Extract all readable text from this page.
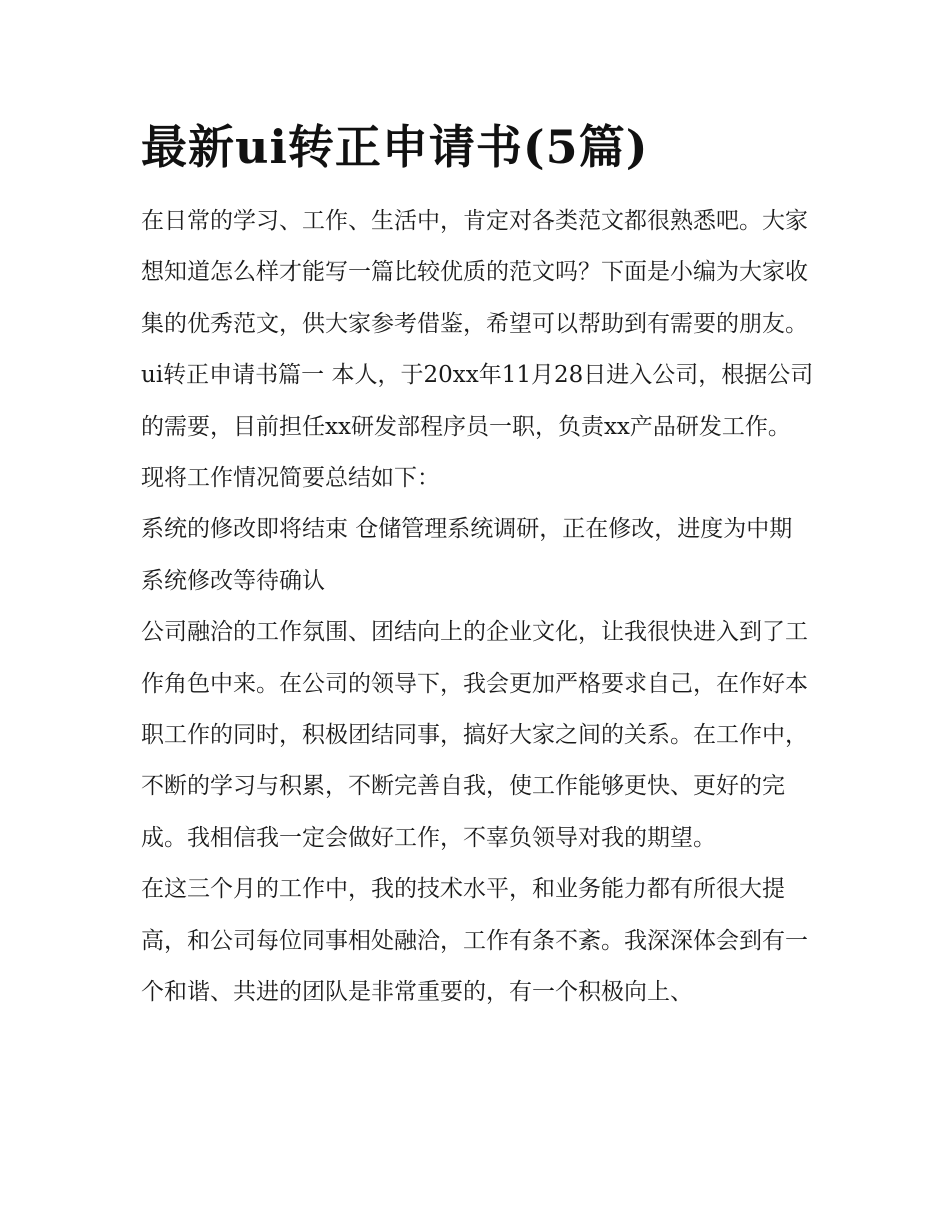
最新ui转正申请书(5篇)

在日常的学习、工作、生活中，肯定对各类范文都很熟悉吧。大家想知道怎么样才能写一篇比较优质的范文吗？下面是小编为大家收集的优秀范文，供大家参考借鉴，希望可以帮助到有需要的朋友。

ui转正申请书篇一 本人，于20xx年11月28日进入公司，根据公司的需要，目前担任xx研发部程序员一职，负责xx产品研发工作。 现将工作情况简要总结如下：

系统的修改即将结束 仓储管理系统调研，正在修改，进度为中期 系统修改等待确认

公司融洽的工作氛围、团结向上的企业文化，让我很快进入到了工作角色中来。在公司的领导下，我会更加严格要求自己，在作好本职工作的同时，积极团结同事，搞好大家之间的关系。在工作中，不断的学习与积累，不断完善自我，使工作能够更快、更好的完成。我相信我一定会做好工作，不辜负领导对我的期望。

在这三个月的工作中，我的技术水平，和业务能力都有所很大提高，和公司每位同事相处融洽，工作有条不紊。我深深体会到有一个和谐、共进的团队是非常重要的，有一个积极向上、
